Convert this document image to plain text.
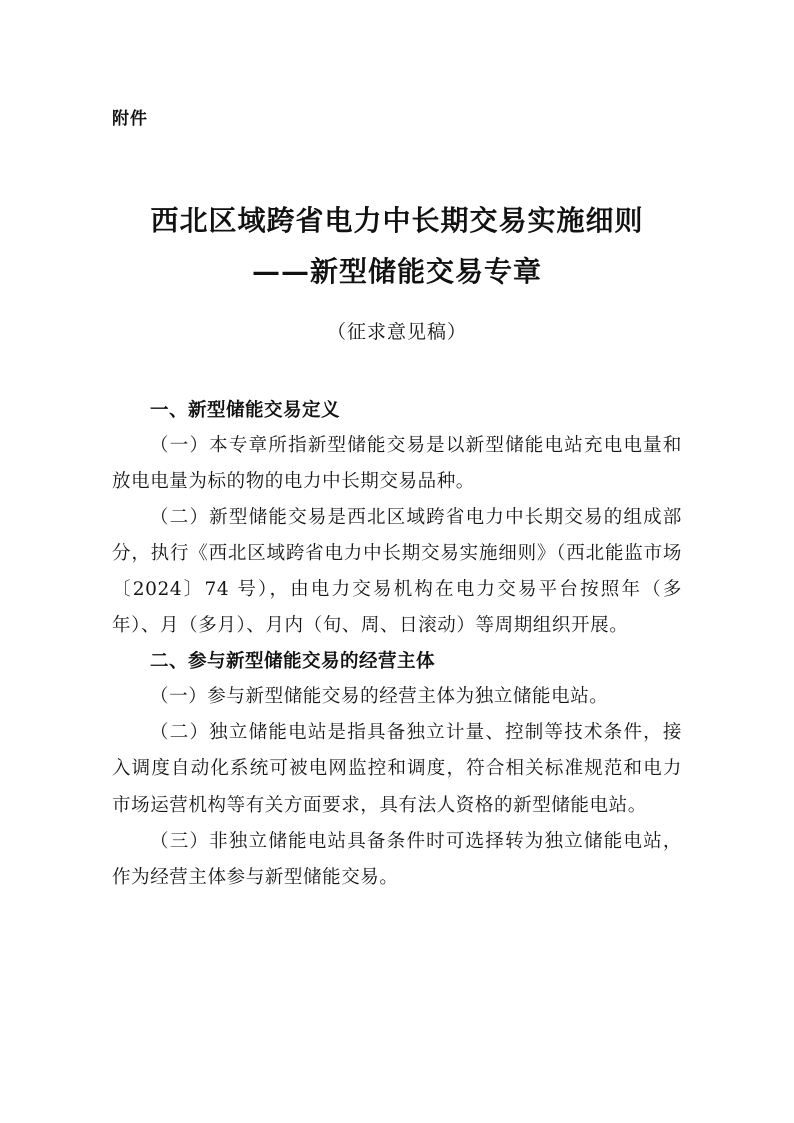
附件
西北区域跨省电力中长期交易实施细则
——新型储能交易专章
（征求意见稿）
一、新型储能交易定义

（一）本专章所指新型储能交易是以新型储能电站充电电量和放电电量为标的物的电力中长期交易品种。

（二）新型储能交易是西北区域跨省电力中长期交易的组成部分，执行《西北区域跨省电力中长期交易实施细则》（西北能监市场〔2024〕74 号），由电力交易机构在电力交易平台按照年（多年）、月（多月）、月内（旬、周、日滚动）等周期组织开展。

二、参与新型储能交易的经营主体

（一）参与新型储能交易的经营主体为独立储能电站。

（二）独立储能电站是指具备独立计量、控制等技术条件，接入调度自动化系统可被电网监控和调度，符合相关标准规范和电力市场运营机构等有关方面要求，具有法人资格的新型储能电站。

（三）非独立储能电站具备条件时可选择转为独立储能电站，作为经营主体参与新型储能交易。
